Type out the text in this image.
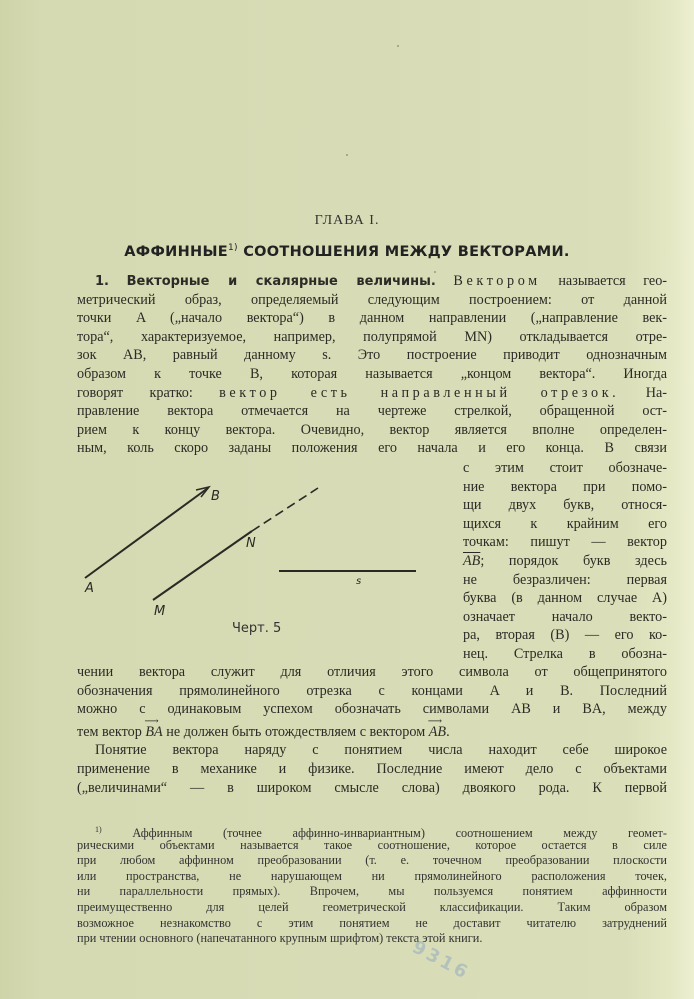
ГЛАВА I.
АФФИННЫЕ$^{1)}$ СООТНОШЕНИЯ МЕЖДУ ВЕКТОРАМИ.
1. Векторные и скалярные величины. Вектором называется гео-
метрический образ, определяемый следующим построением: от данной
точки A („начало вектора“) в данном направлении („направление век-
тора“, характеризуемое, например, полупрямой MN) откладывается отре-
зок AB, равный данному s. Это построение приводит однозначным
образом к точке B, которая называется „концом вектора“. Иногда
говорят кратко: вектор есть направленный отрезок. На-
правление вектора отмечается на чертеже стрелкой, обращенной ост-
рием к концу вектора. Очевидно, вектор является вполне определен-
ным, коль скоро заданы положения его начала и его конца. В связи
B
A
M
N
s
Черт. 5
с этим стоит обозначе-
ние вектора при помо-
щи двух букв, относя-
щихся к крайним его
точкам: пишут — вектор
$\overline{AB}$; порядок букв здесь
не безразличен: первая
буква (в данном случае A)
означает начало векто-
ра, вторая (B) — его ко-
нец. Стрелка в обозна-
чении вектора служит для отличия этого символа от общепринятого
обозначения прямолинейного отрезка с концами A и B. Последний
можно с одинаковым успехом обозначать символами AB и BA, между
тем вектор ⟶ BA не должен быть отождествляем с вектором ⟶ AB.
Понятие вектора наряду с понятием числа находит себе широкое
применение в механике и физике. Последние имеют дело с объектами
(„величинами“ — в широком смысле слова) двоякого рода. К первой
$^{1)}$ Аффинным (точнее аффинно-инвариантным) соотношением между геомет-
рическими объектами называется такое соотношение, которое остается в силе
при любом аффинном преобразовании (т. е. точечном преобразовании плоскости
или пространства, не нарушающем ни прямолинейного расположения точек,
ни параллельности прямых). Впрочем, мы пользуемся понятием аффинности
преимущественно для целей геометрической классификации. Таким образом
возможное незнакомство с этим понятием не доставит читателю затруднений
при чтении основного (напечатанного крупным шрифтом) текста этой книги.
9316
